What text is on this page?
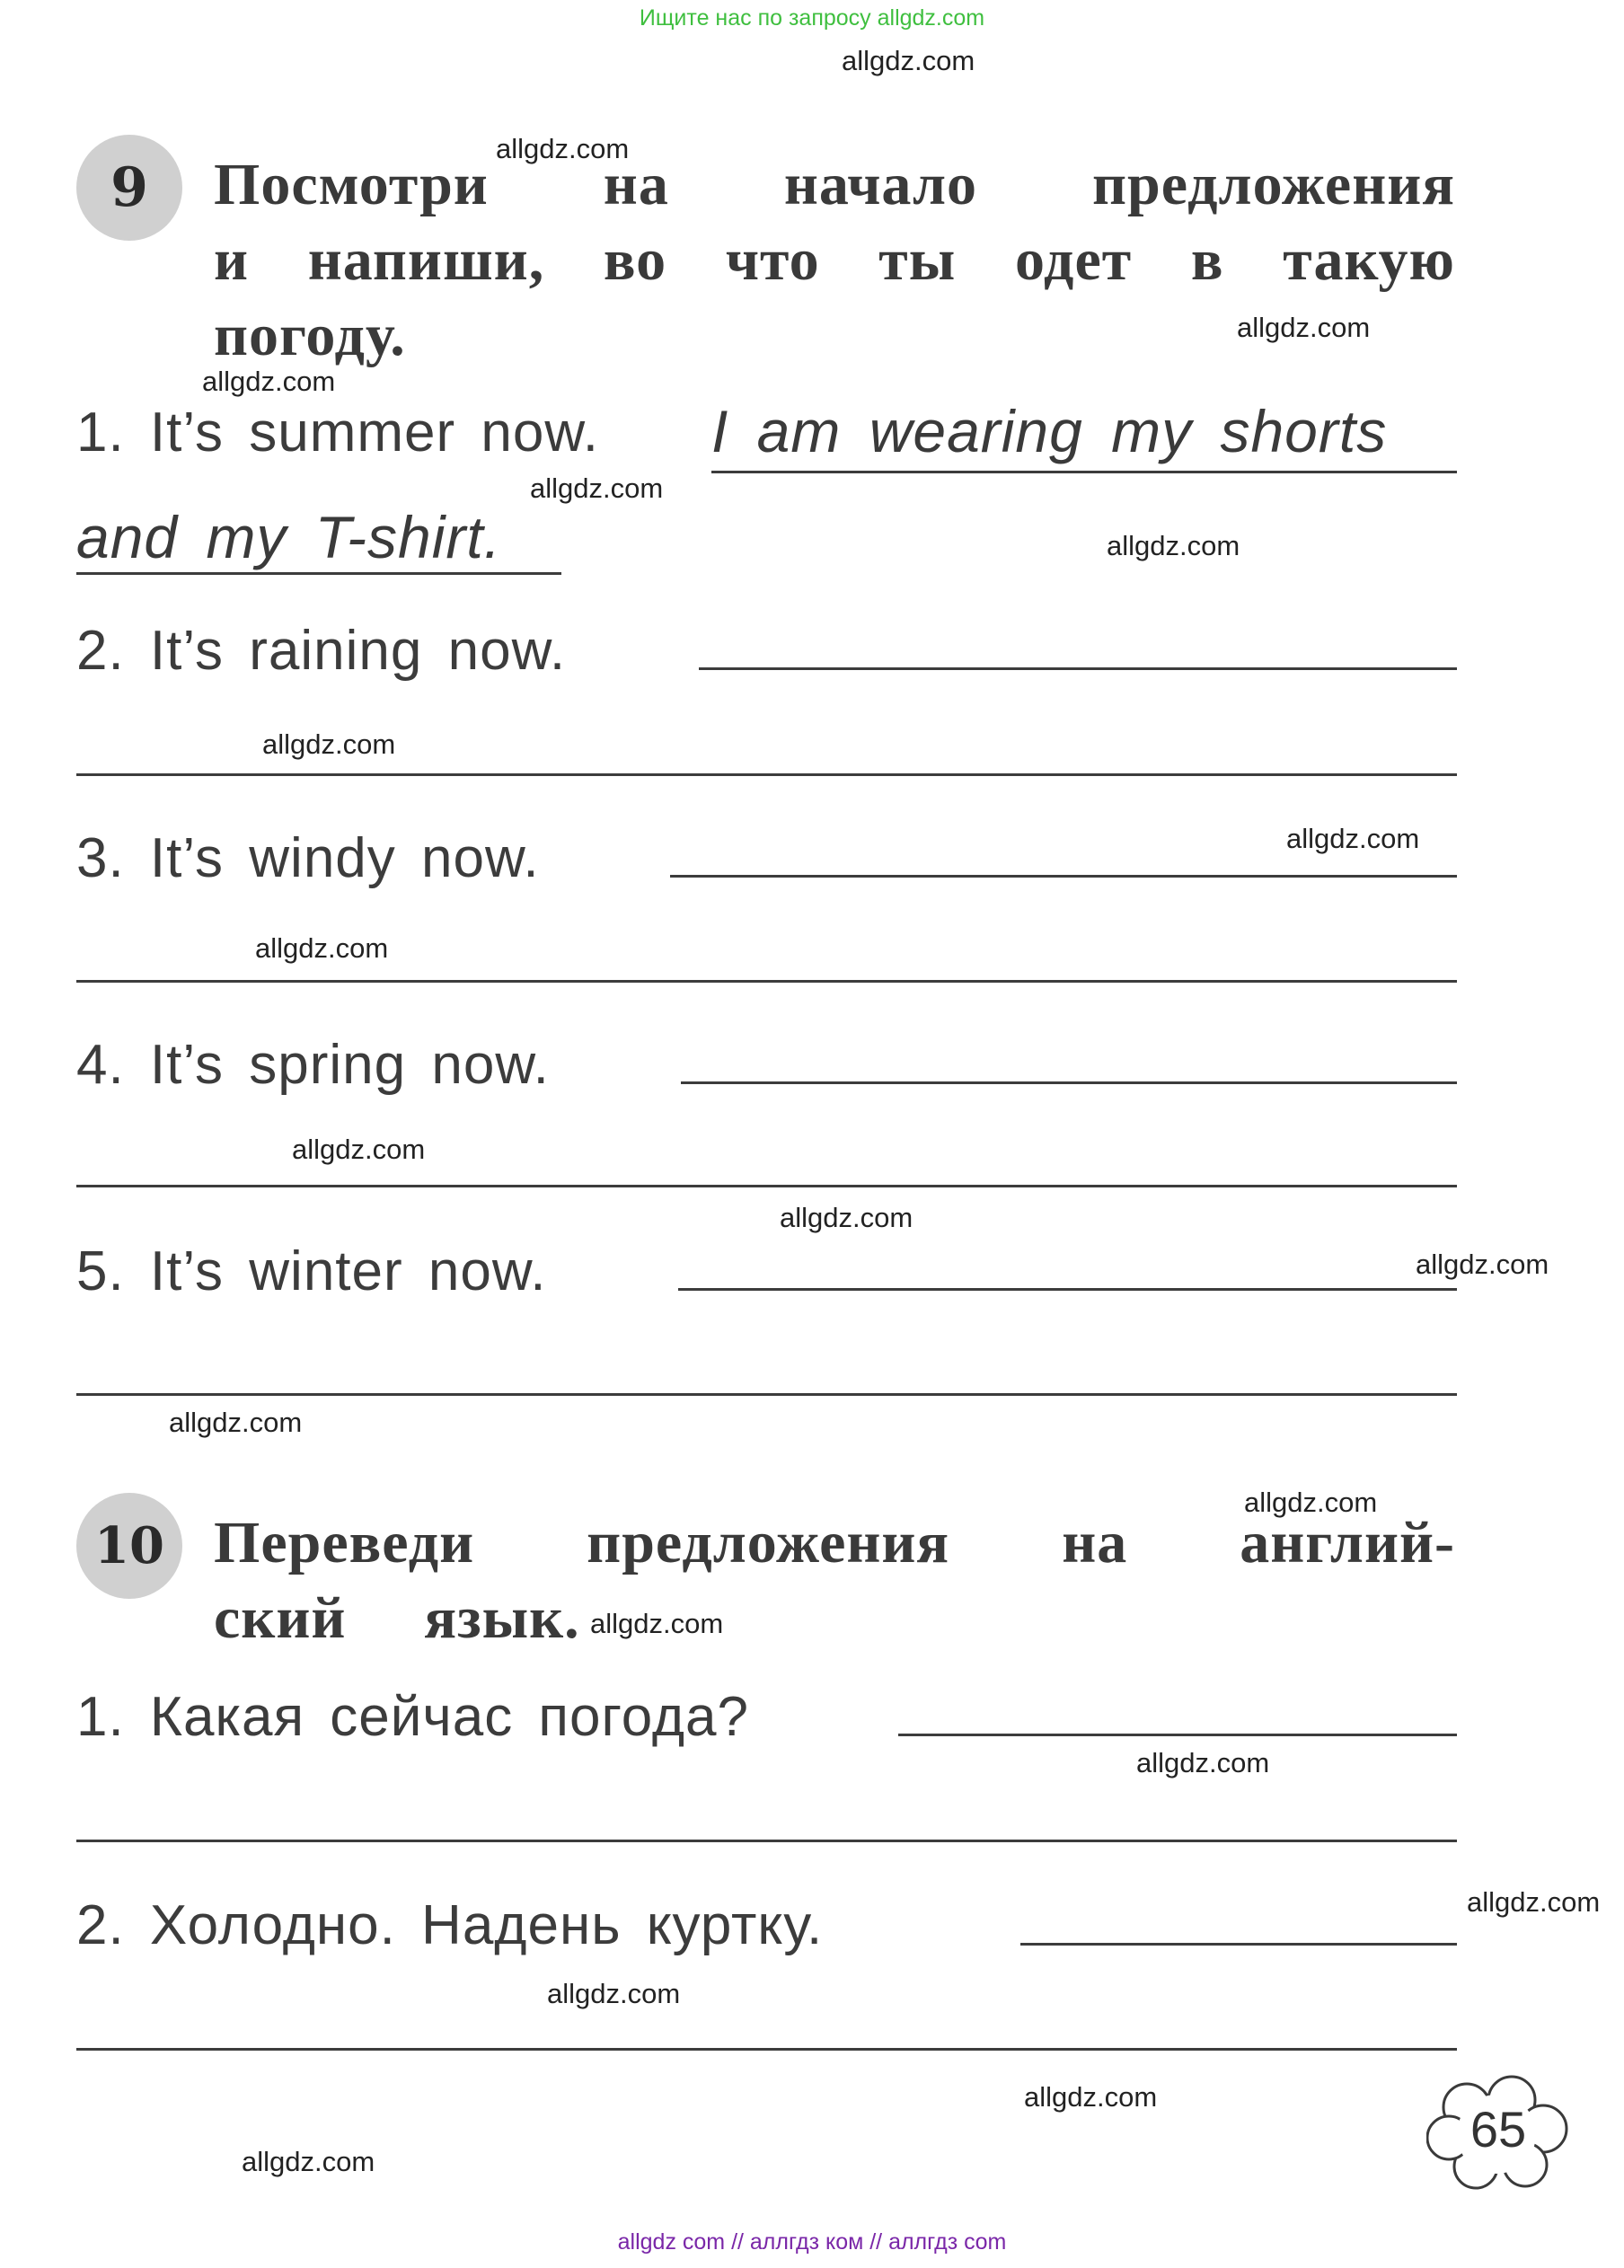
Ищите нас по запросу allgdz.com
9 Посмотри на начало предложения
и напиши, во что ты одет в такую
погоду.
1. It’s summer now. I am wearing my shorts
and my T-shirt.
2. It’s raining now.
3. It’s windy now.
4. It’s spring now.
5. It’s winter now.
10 Переведи предложения на англий-
ский язык.
1. Какая сейчас погода?
2. Холодно. Надень куртку.
65
allgdz.com
allgdz.com
allgdz.com
allgdz.com
allgdz.com
allgdz.com
allgdz.com
allgdz.com
allgdz.com
allgdz.com
allgdz.com
allgdz.com
allgdz.com
allgdz.com
allgdz.com
allgdz.com
allgdz.com
allgdz.com
allgdz.com
allgdz.com
allgdz com // аллгдз ком // аллгдз com
